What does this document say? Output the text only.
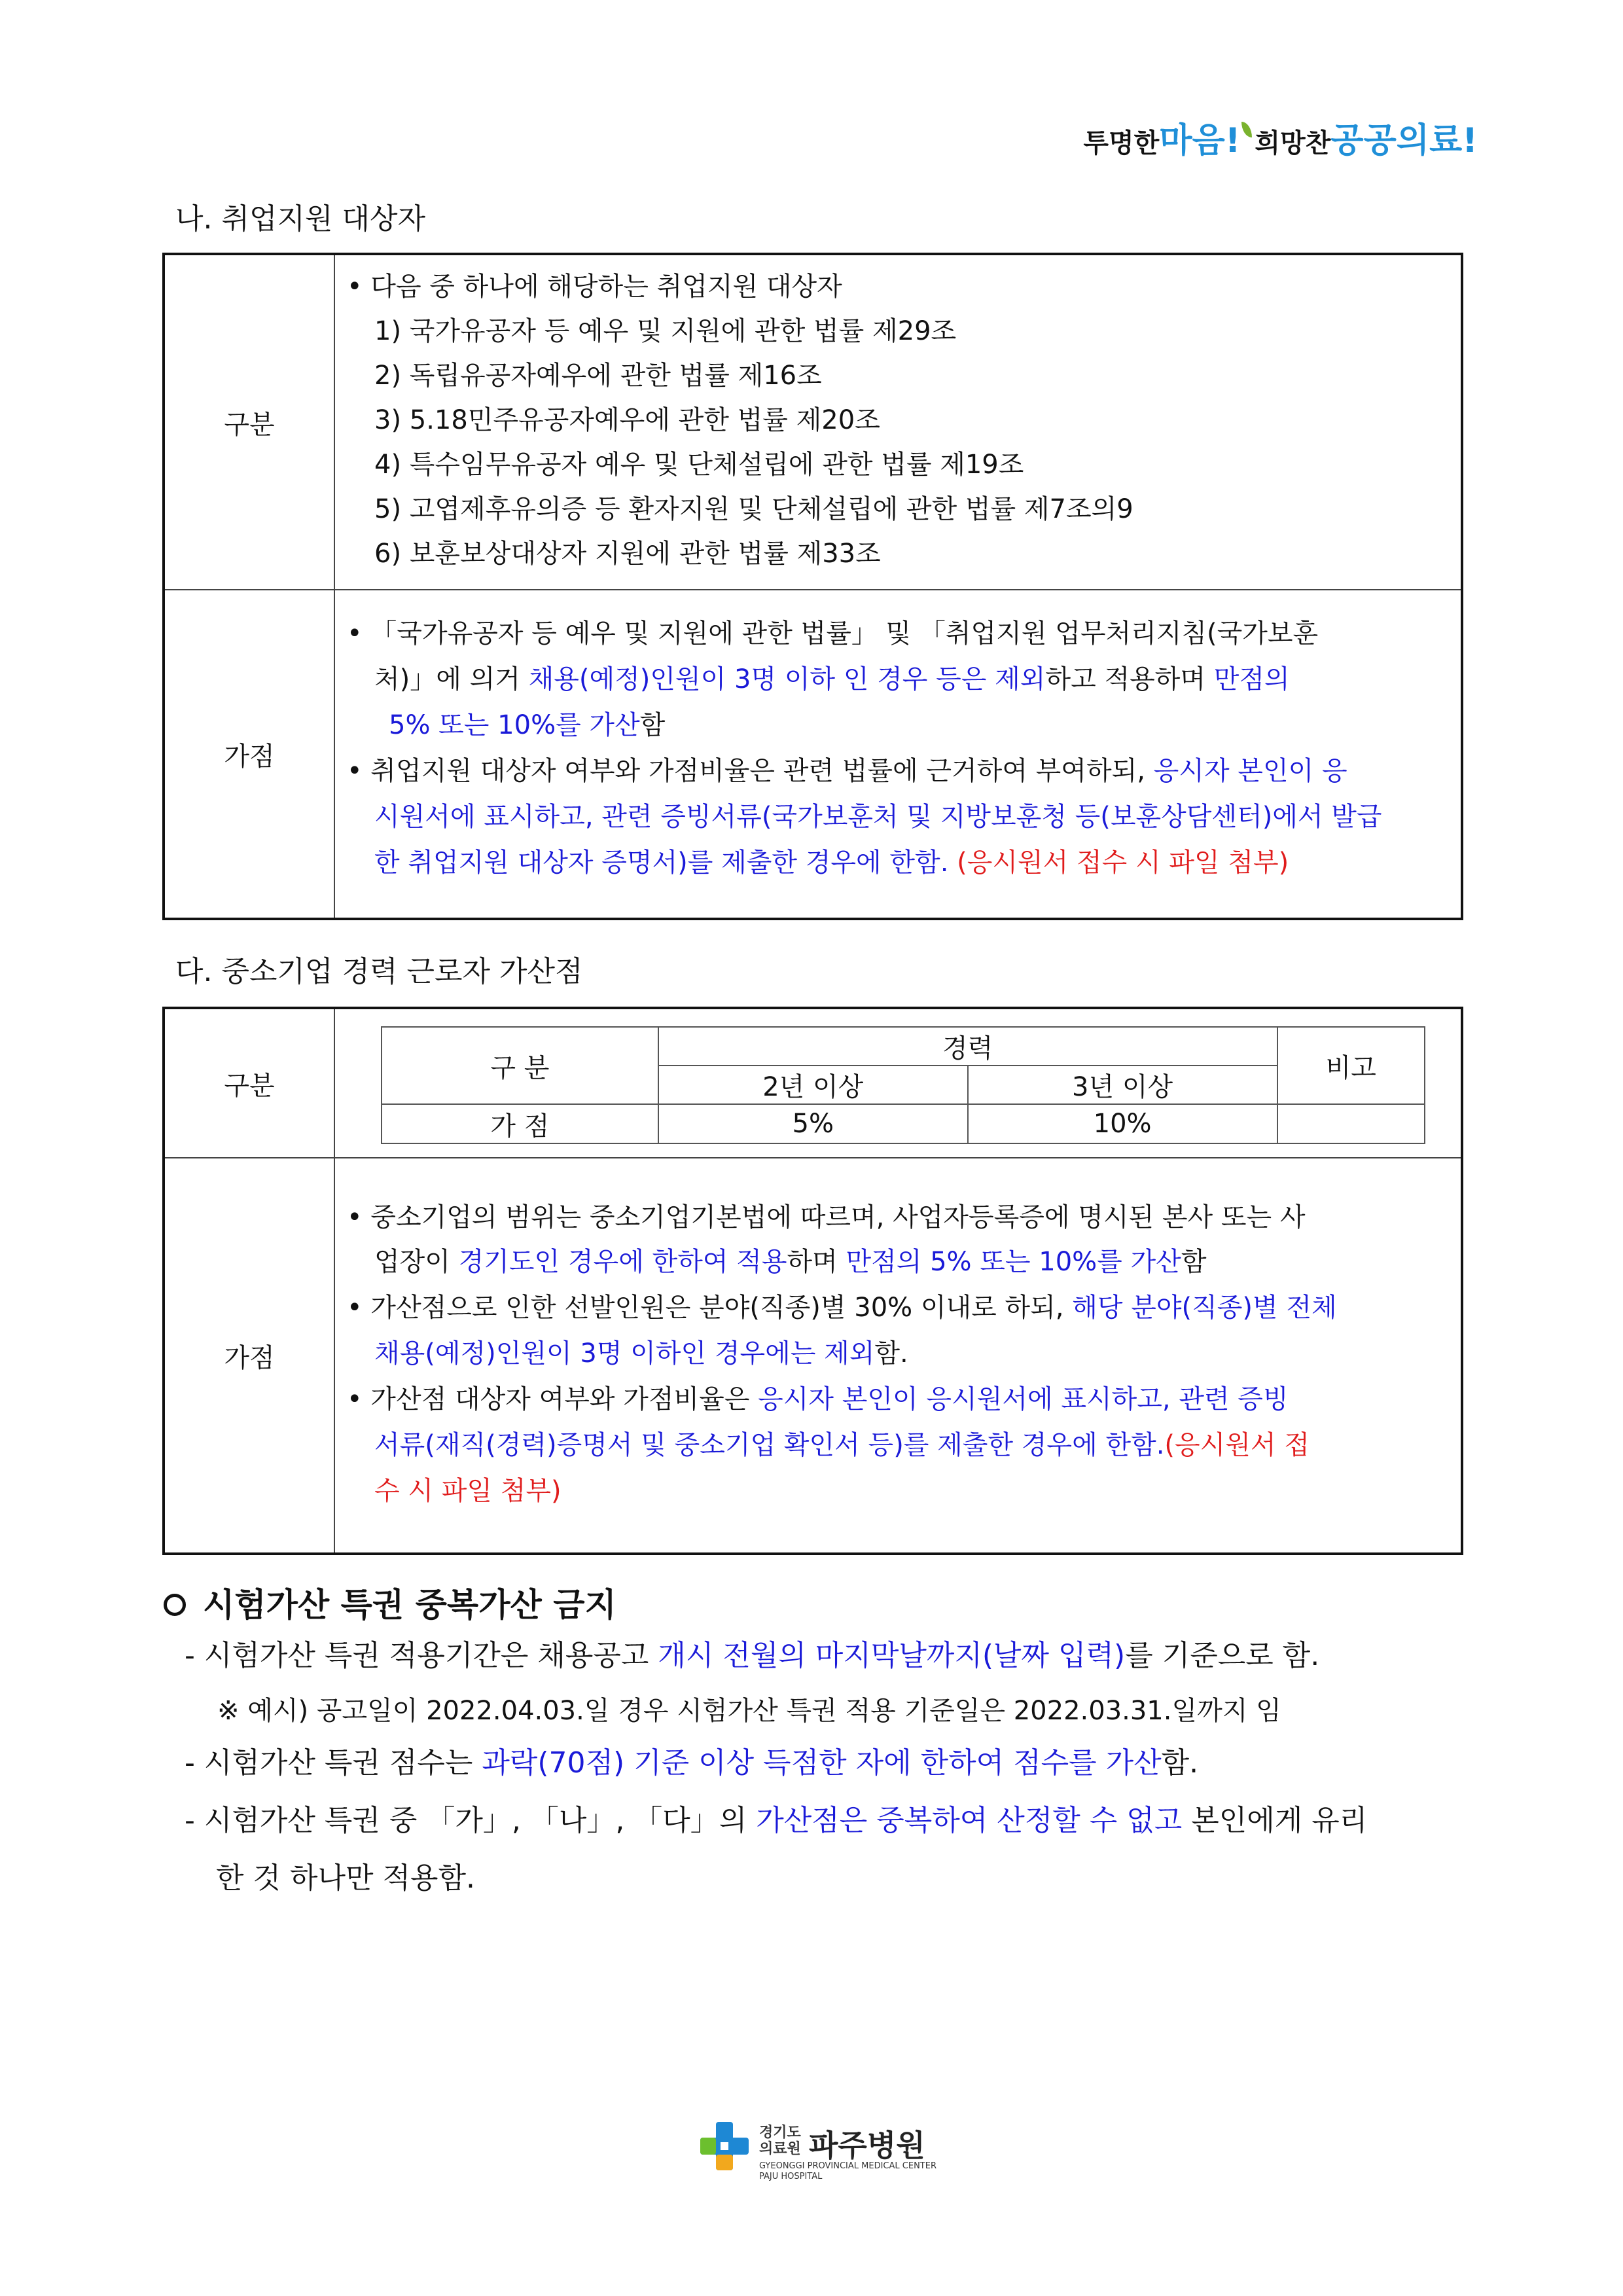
투명한마음! 희망찬공공의료!
나. 취업지원 대상자
구분
• 다음 중 하나에 해당하는 취업지원 대상자
1) 국가유공자 등 예우 및 지원에 관한 법률 제29조
2) 독립유공자예우에 관한 법률 제16조
3) 5.18민주유공자예우에 관한 법률 제20조
4) 특수임무유공자 예우 및 단체설립에 관한 법률 제19조
5) 고엽제후유의증 등 환자지원 및 단체설립에 관한 법률 제7조의9
6) 보훈보상대상자 지원에 관한 법률 제33조
가점
• 「국가유공자 등 예우 및 지원에 관한 법률」 및 「취업지원 업무처리지침(국가보훈
처)」에 의거 채용(예정)인원이 3명 이하 인 경우 등은 제외하고 적용하며 만점의
5% 또는 10%를 가산함
• 취업지원 대상자 여부와 가점비율은 관련 법률에 근거하여 부여하되, 응시자 본인이 응
시원서에 표시하고, 관련 증빙서류(국가보훈처 및 지방보훈청 등(보훈상담센터)에서 발급
한 취업지원 대상자 증명서)를 제출한 경우에 한함. (응시원서 접수 시 파일 첨부)
다. 중소기업 경력 근로자 가산점
구분
구 분	경력		비고
	2년 이상	3년 이상	
가 점	5%	10%	
가점
• 중소기업의 범위는 중소기업기본법에 따르며, 사업자등록증에 명시된 본사 또는 사
업장이 경기도인 경우에 한하여 적용하며 만점의 5% 또는 10%를 가산함
• 가산점으로 인한 선발인원은 분야(직종)별 30% 이내로 하되, 해당 분야(직종)별 전체
채용(예정)인원이 3명 이하인 경우에는 제외함.
• 가산점 대상자 여부와 가점비율은 응시자 본인이 응시원서에 표시하고, 관련 증빙
서류(재직(경력)증명서 및 중소기업 확인서 등)를 제출한 경우에 한함.(응시원서 접
수 시 파일 첨부)
시험가산 특권 중복가산 금지
- 시험가산 특권 적용기간은 채용공고 개시 전월의 마지막날까지(날짜 입력)를 기준으로 함.
※ 예시) 공고일이 2022.04.03.일 경우 시험가산 특권 적용 기준일은 2022.03.31.일까지 임
- 시험가산 특권 점수는 과락(70점) 기준 이상 득점한 자에 한하여 점수를 가산함.
- 시험가산 특권 중 「가」, 「나」, 「다」의 가산점은 중복하여 산정할 수 없고 본인에게 유리
한 것 하나만 적용함.
경기도
의료원 파주병원
GYEONGGI PROVINCIAL MEDICAL CENTER
PAJU HOSPITAL
